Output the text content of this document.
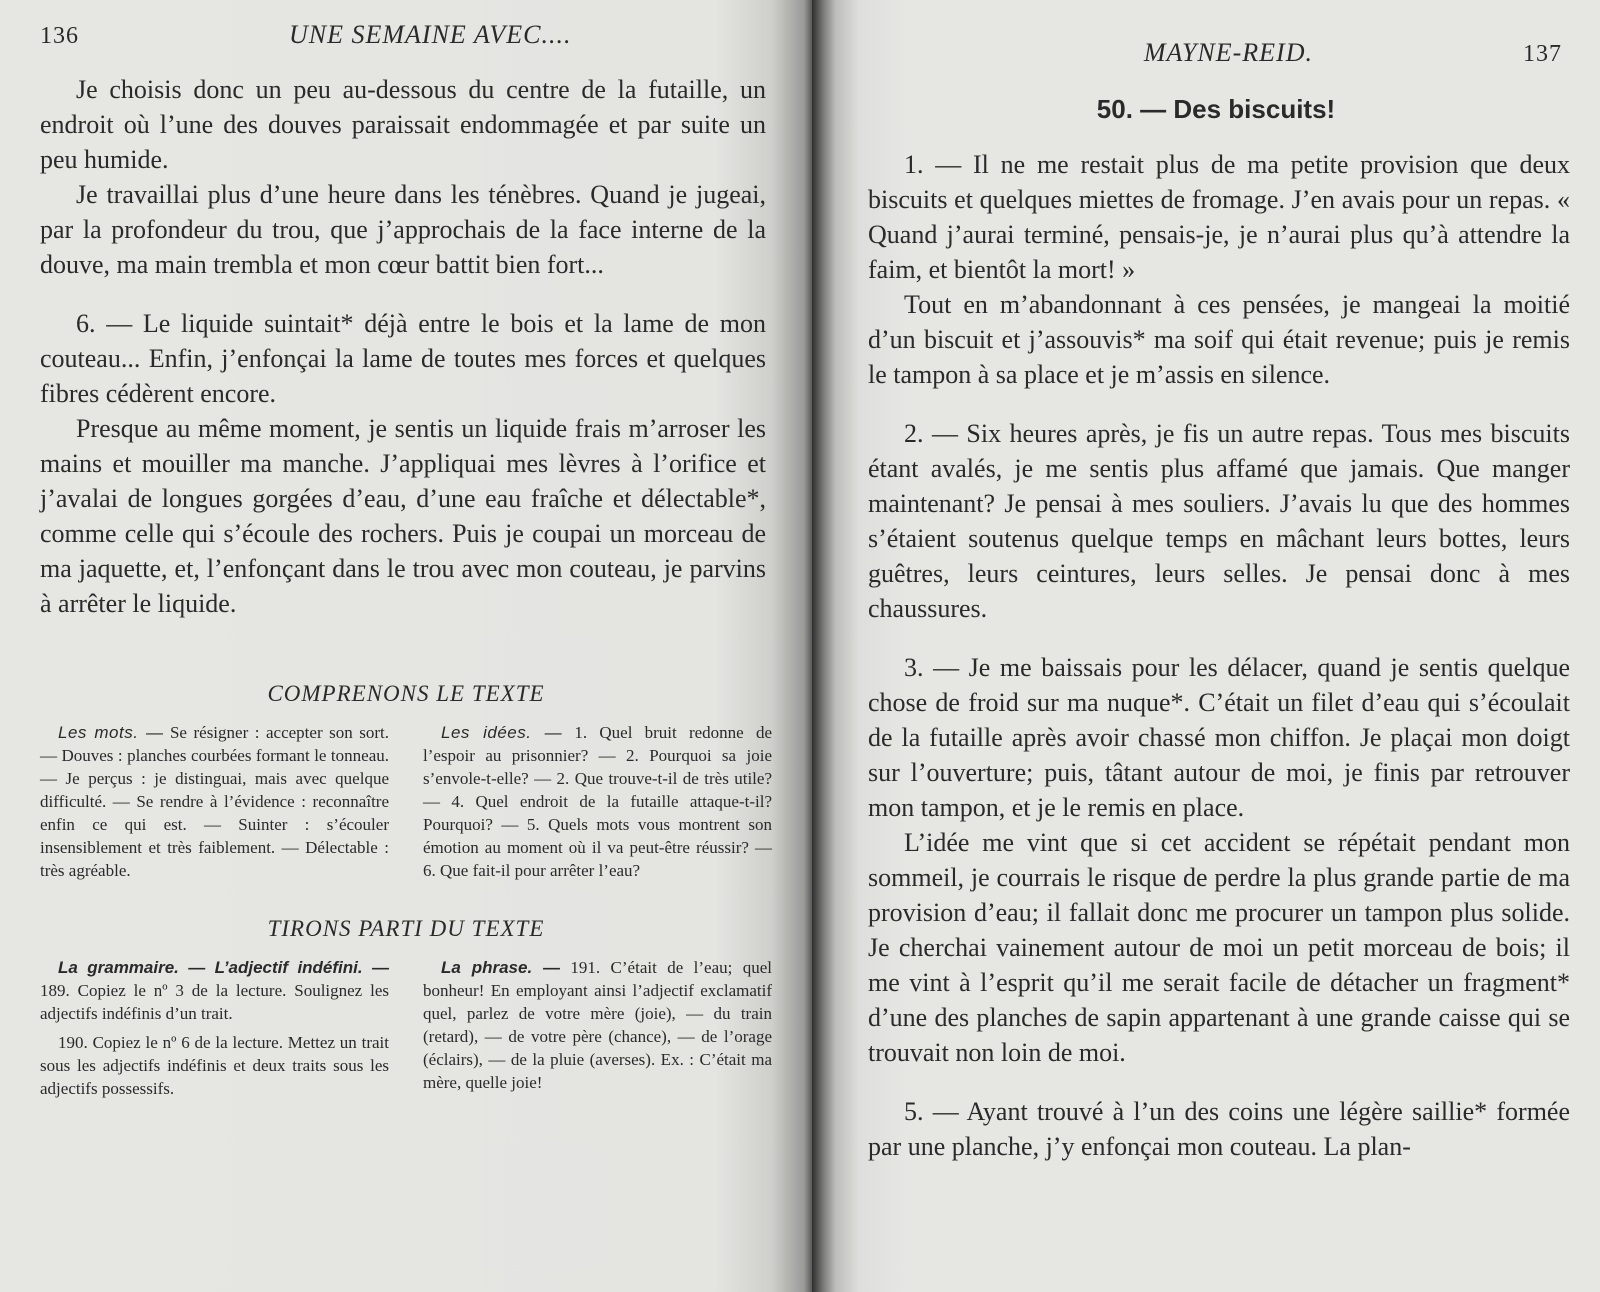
136	UNE SEMAINE AVEC....

Je choisis donc un peu au-dessous du centre de la futaille, un endroit où l’une des douves paraissait endommagée et par suite un peu humide.

Je travaillai plus d’une heure dans les ténèbres. Quand je jugeai, par la profondeur du trou, que j’approchais de la face interne de la douve, ma main trembla et mon cœur battit bien fort...

6. — Le liquide suintait* déjà entre le bois et la lame de mon couteau... Enfin, j’enfonçai la lame de toutes mes forces et quelques fibres cédèrent encore.

Presque au même moment, je sentis un liquide frais m’arroser les mains et mouiller ma manche. J’appliquai mes lèvres à l’orifice et j’avalai de longues gorgées d’eau, d’une eau fraîche et délectable*, comme celle qui s’écoule des rochers. Puis je coupai un morceau de ma jaquette, et, l’enfonçant dans le trou avec mon couteau, je parvins à arrêter le liquide.

COMPRENONS LE TEXTE

Les mots. — Se résigner : accepter son sort. — Douves : planches courbées formant le tonneau. — Je perçus : je distinguai, mais avec quelque difficulté. — Se rendre à l’évidence : reconnaître enfin ce qui est. — Suinter : s’écouler insensiblement et très faiblement. — Délectable : très agréable.

Les idées. — 1. Quel bruit redonne de l’espoir au prisonnier? — 2. Pourquoi sa joie s’envole-t-elle? — 2. Que trouve-t-il de très utile? — 4. Quel endroit de la futaille attaque-t-il? Pourquoi? — 5. Quels mots vous montrent son émotion au moment où il va peut-être réussir? — 6. Que fait-il pour arrêter l’eau?

TIRONS PARTI DU TEXTE

La grammaire. — L’adjectif indéfini. — 189. Copiez le nº 3 de la lecture. Soulignez les adjectifs indéfinis d’un trait.

190. Copiez le nº 6 de la lecture. Mettez un trait sous les adjectifs indéfinis et deux traits sous les adjectifs possessifs.

La phrase. — 191. C’était de l’eau; quel bonheur! En employant ainsi l’adjectif exclamatif quel, parlez de votre mère (joie), — du train (retard), — de votre père (chance), — de l’orage (éclairs), — de la pluie (averses). Ex. : C’était ma mère, quelle joie!

MAYNE-REID.	137
50. — Des biscuits!

1. — Il ne me restait plus de ma petite provision que deux biscuits et quelques miettes de fromage. J’en avais pour un repas. « Quand j’aurai terminé, pensais-je, je n’aurai plus qu’à attendre la faim, et bientôt la mort! »

Tout en m’abandonnant à ces pensées, je mangeai la moitié d’un biscuit et j’assouvis* ma soif qui était revenue; puis je remis le tampon à sa place et je m’assis en silence.

2. — Six heures après, je fis un autre repas. Tous mes biscuits étant avalés, je me sentis plus affamé que jamais. Que manger maintenant? Je pensai à mes souliers. J’avais lu que des hommes s’étaient soutenus quelque temps en mâchant leurs bottes, leurs guêtres, leurs ceintures, leurs selles. Je pensai donc à mes chaussures.

3. — Je me baissais pour les délacer, quand je sentis quelque chose de froid sur ma nuque*. C’était un filet d’eau qui s’écoulait de la futaille après avoir chassé mon chiffon. Je plaçai mon doigt sur l’ouverture; puis, tâtant autour de moi, je finis par retrouver mon tampon, et je le remis en place.

L’idée me vint que si cet accident se répétait pendant mon sommeil, je courrais le risque de perdre la plus grande partie de ma provision d’eau; il fallait donc me procurer un tampon plus solide. Je cherchai vainement autour de moi un petit morceau de bois; il me vint à l’esprit qu’il me serait facile de détacher un fragment* d’une des planches de sapin appartenant à une grande caisse qui se trouvait non loin de moi.

5. — Ayant trouvé à l’un des coins une légère saillie* formée par une planche, j’y enfonçai mon couteau. La plan-
